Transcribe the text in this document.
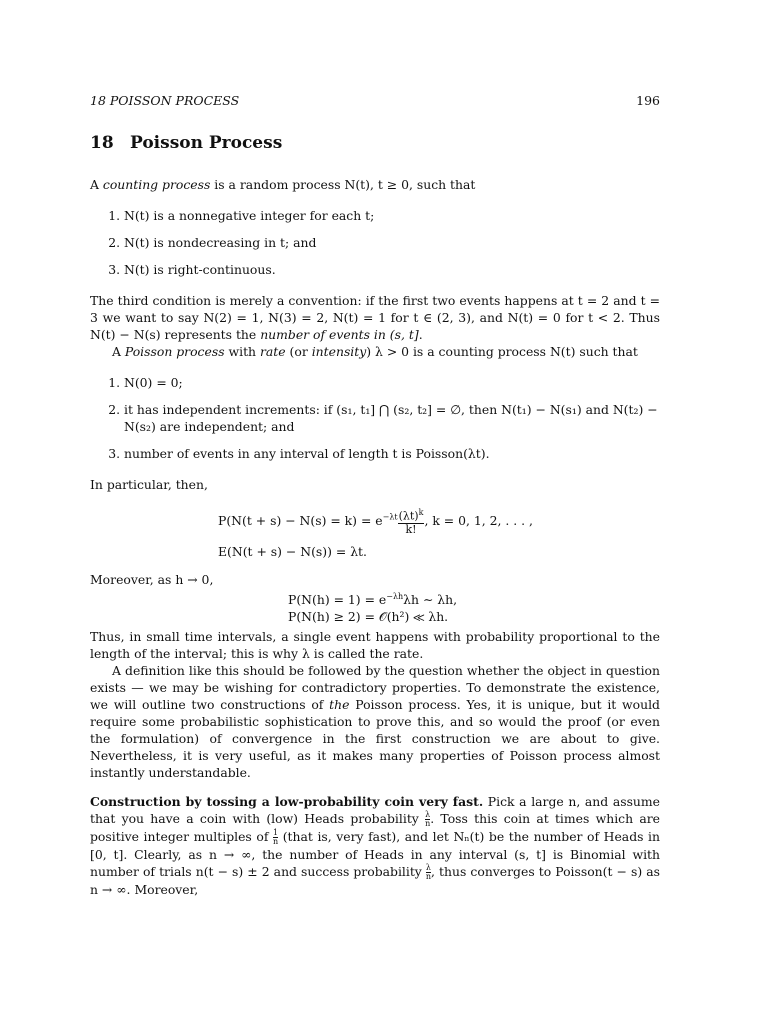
18 POISSON PROCESS	196
18 Poisson Process

A counting process is a random process N(t), t ≥ 0, such that

1. N(t) is a nonnegative integer for each t;
2. N(t) is nondecreasing in t; and
3. N(t) is right-continuous.

The third condition is merely a convention: if the first two events happens at t = 2 and t = 3 we want to say N(2) = 1, N(3) = 2, N(t) = 1 for t ∈ (2, 3), and N(t) = 0 for t < 2. Thus N(t) − N(s) represents the number of events in (s, t].

A Poisson process with rate (or intensity) λ > 0 is a counting process N(t) such that

1. N(0) = 0;
2. it has independent increments: if (s₁, t₁] ⋂ (s₂, t₂] = ∅, then N(t₁) − N(s₁) and N(t₂) − N(s₂) are independent; and
3. number of events in any interval of length t is Poisson(λt).

In particular, then,

$P(N(t + s) - N(s) = k) = e^{-\lambda t} \frac{(\lambda t)^k}{k!}$ , k = 0, 1, 2, . . . ,
E(N(t + s) − N(s)) = λt.

Moreover, as h → 0,

$P(N(h) = 1) = e^{-\lambda h}\lambda h$ ∼ λh,
P(N(h) ≥ 2) = 𝒪(h²) ≪ λh.

Thus, in small time intervals, a single event happens with probability proportional to the length of the interval; this is why λ is called the rate.

A definition like this should be followed by the question whether the object in question exists — we may be wishing for contradictory properties. To demonstrate the existence, we will outline two constructions of the Poisson process. Yes, it is unique, but it would require some probabilistic sophistication to prove this, and so would the proof (or even the formulation) of convergence in the first construction we are about to give. Nevertheless, it is very useful, as it makes many properties of Poisson process almost instantly understandable.

Construction by tossing a low-probability coin very fast. Pick a large n, and assume that you have a coin with (low) Heads probability $\frac{\lambda}{n}$ . Toss this coin at times which are positive integer multiples of $\frac{1}{n}$ (that is, very fast), and let Nₙ(t) be the number of Heads in [0, t]. Clearly, as n → ∞, the number of Heads in any interval (s, t] is Binomial with number of trials n(t − s) ± 2 and success probability $\frac{\lambda}{n}$ , thus converges to Poisson(t − s) as n → ∞. Moreover,
